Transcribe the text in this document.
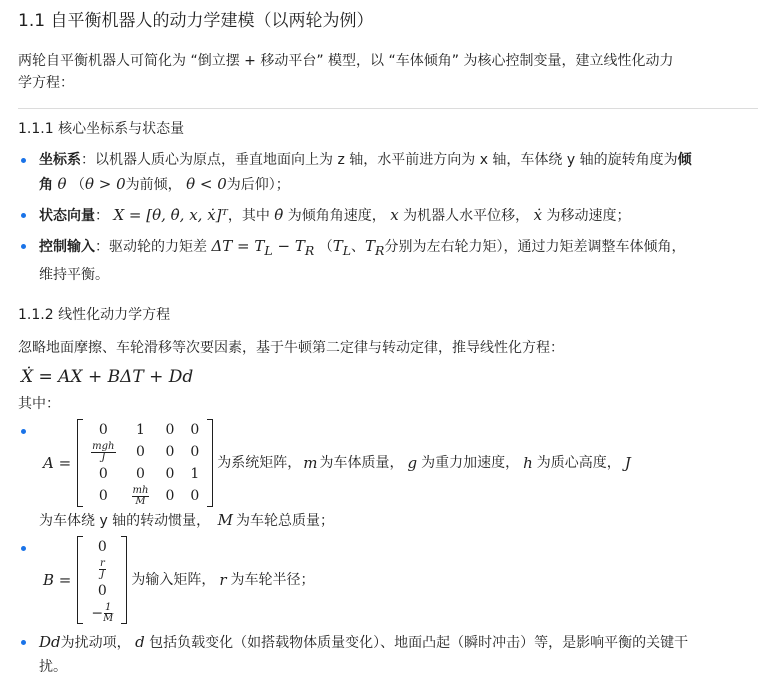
1.1 自平衡机器人的动力学建模（以两轮为例）

两轮自平衡机器人可简化为 “倒立摆 + 移动平台” 模型，以 “车体倾角” 为核心控制变量，建立线性化动力学方程：

1.1.1 核心坐标系与状态量
坐标系：以机器人质心为原点，垂直地面向上为 z 轴，水平前进方向为 x 轴，车体绕 y 轴的旋转角度为倾角 θ （θ > 0为前倾， θ < 0为后仰）；
状态向量： X = [θ, θ̇, x, ẋ]ᵀ，其中 θ̇ 为倾角角速度， x 为机器人水平位移， ẋ 为移动速度；
控制输入：驱动轮的力矩差 $\Delta T = T_L - T_R$ （$T_L$、$T_R$分别为左右轮力矩），通过力矩差调整车体倾角，维持平衡。
1.1.2 线性化动力学方程

忽略地面摩擦、车轮滑移等次要因素，基于牛顿第二定律与转动定律，推导线性化方程：

Ẋ = AX + BΔT + Dd

其中：

A =
0	1	0	0

$\frac{\text{mgh}}{J}$	0	0	0
0	0	0	1
0	$\frac{mh}{M}$	0	0
为系统矩阵， m 为车体质量， g 为重力加速度， h 为质心高度， J
为车体绕 y 轴的转动惯量， M 为车轮总质量；
B =
0

$\frac{r}{J}$

0
− $\frac{1}{M}$
为输入矩阵， r 为车轮半径；
Dd为扰动项， d 包括负载变化（如搭载物体质量变化）、地面凸起（瞬时冲击）等，是影响平衡的关键干扰。
